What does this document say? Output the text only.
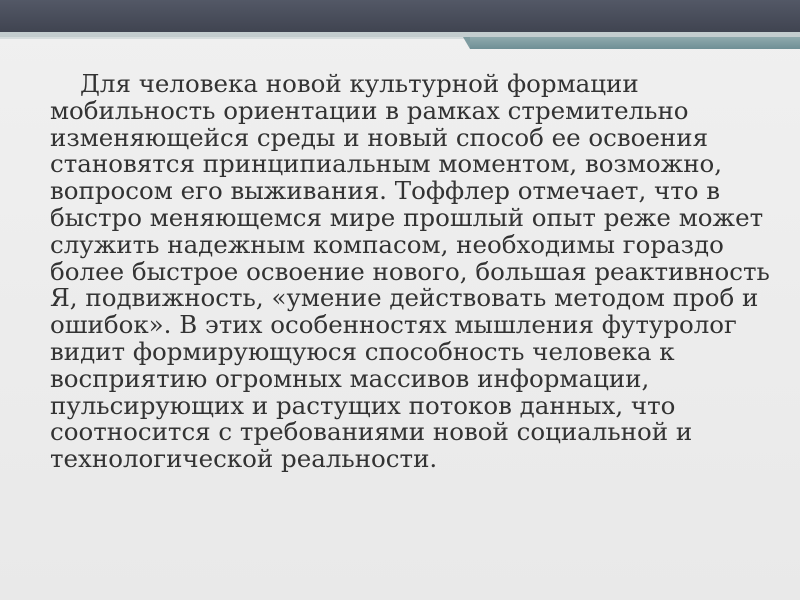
Для человека новой культурной формации мобильность ориентации в рамках стремительно изменяющейся среды и новый способ ее освоения становятся принципиальным моментом, возможно, вопросом его выживания. Тоффлер отмечает, что в быстро меняющемся мире прошлый опыт реже может служить надежным компасом, необходимы гораздо более быстрое освоение нового, большая реактивность Я, подвижность, «умение действовать методом проб и ошибок». В этих особенностях мышления футуролог видит формирующуюся способность человека к восприятию огромных массивов информации, пульсирующих и растущих потоков данных, что соотносится с требованиями новой социальной и технологической реальности.
